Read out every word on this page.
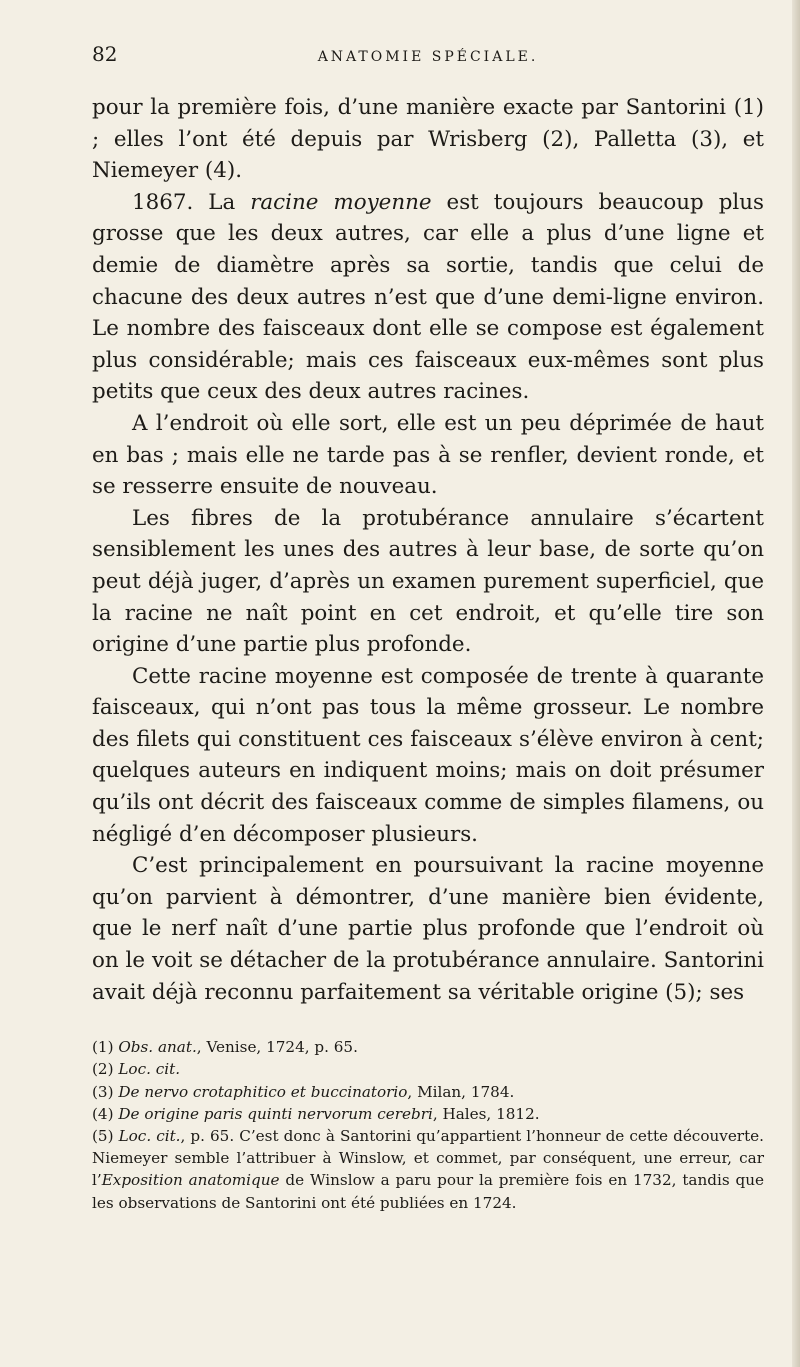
82	ANATOMIE SPÉCIALE.

pour la première fois, d’une manière exacte par Santorini (1) ; elles l’ont été depuis par Wrisberg (2), Palletta (3), et Niemeyer (4).

1867. La racine moyenne est toujours beaucoup plus grosse que les deux autres, car elle a plus d’une ligne et demie de diamètre après sa sortie, tandis que celui de chacune des deux autres n’est que d’une demi-ligne environ. Le nombre des faisceaux dont elle se compose est également plus considérable; mais ces faisceaux eux-mêmes sont plus petits que ceux des deux autres racines.

A l’endroit où elle sort, elle est un peu déprimée de haut en bas ; mais elle ne tarde pas à se renfler, devient ronde, et se resserre ensuite de nouveau.

Les fibres de la protubérance annulaire s’écartent sensiblement les unes des autres à leur base, de sorte qu’on peut déjà juger, d’après un examen purement superficiel, que la racine ne naît point en cet endroit, et qu’elle tire son origine d’une partie plus profonde.

Cette racine moyenne est composée de trente à quarante faisceaux, qui n’ont pas tous la même grosseur. Le nombre des filets qui constituent ces faisceaux s’élève environ à cent; quelques auteurs en indiquent moins; mais on doit présumer qu’ils ont décrit des faisceaux comme de simples filamens, ou négligé d’en décomposer plusieurs.

C’est principalement en poursuivant la racine moyenne qu’on parvient à démontrer, d’une manière bien évidente, que le nerf naît d’une partie plus profonde que l’endroit où on le voit se détacher de la protubérance annulaire. Santorini avait déjà reconnu parfaitement sa véritable origine (5); ses

(1) Obs. anat., Venise, 1724, p. 65.

(2) Loc. cit.

(3) De nervo crotaphitico et buccinatorio, Milan, 1784.

(4) De origine paris quinti nervorum cerebri, Hales, 1812.

(5) Loc. cit., p. 65. C’est donc à Santorini qu’appartient l’honneur de cette découverte. Niemeyer semble l’attribuer à Winslow, et commet, par conséquent, une erreur, car l’Exposition anatomique de Winslow a paru pour la première fois en 1732, tandis que les observations de Santorini ont été publiées en 1724.
